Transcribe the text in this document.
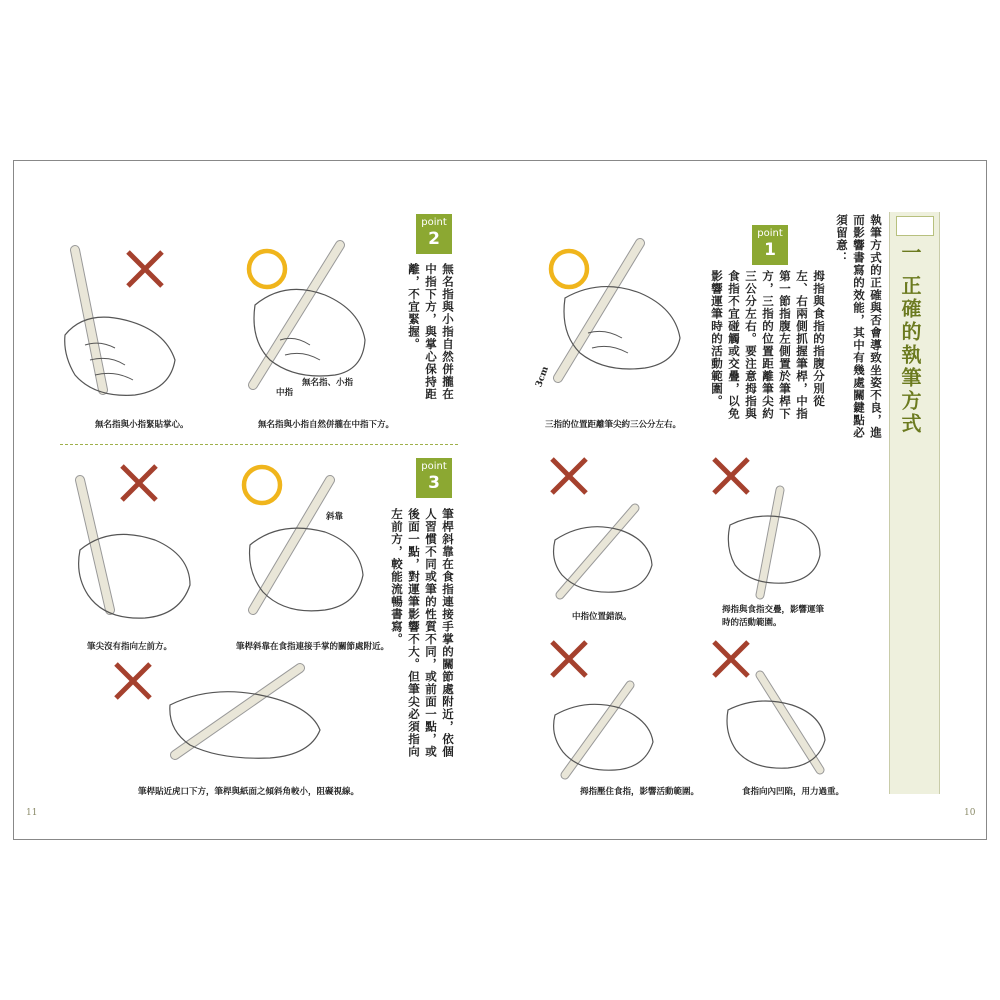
一 正確的執筆方式
執筆方式的正確與否會導致坐姿不良，進而影響書寫的效能，其中有幾處關鍵點必須留意：
point
1
拇指與食指的指腹分別從左、右兩側抓握筆桿，中指第一節指腹左側置於筆桿下方，三指的位置距離筆尖約三公分左右。要注意拇指與食指不宜碰觸或交疊，以免影響運筆時的活動範圍。
point
2
無名指與小指自然併攏在中指下方，與掌心保持距離，不宜緊握。
point
3
筆桿斜靠在食指連接手掌的關節處附近，依個人習慣不同或筆的性質不同，或前面一點，或後面一點，對運筆影響不大。但筆尖必須指向左前方，較能流暢書寫。
無名指與小指緊貼掌心。
中指
無名指、小指
無名指與小指自然併攏在中指下方。
筆尖沒有指向左前方。
斜靠
筆桿斜靠在食指連接手掌的關節處附近。
筆桿貼近虎口下方，筆桿與紙面之傾斜角較小，阻礙視線。
3cm
三指的位置距離筆尖約三公分左右。
中指位置錯誤。
拇指與食指交疊，影響運筆時的活動範圍。
拇指壓住食指，影響活動範圍。	食指向內凹陷，用力過重。
11	10
